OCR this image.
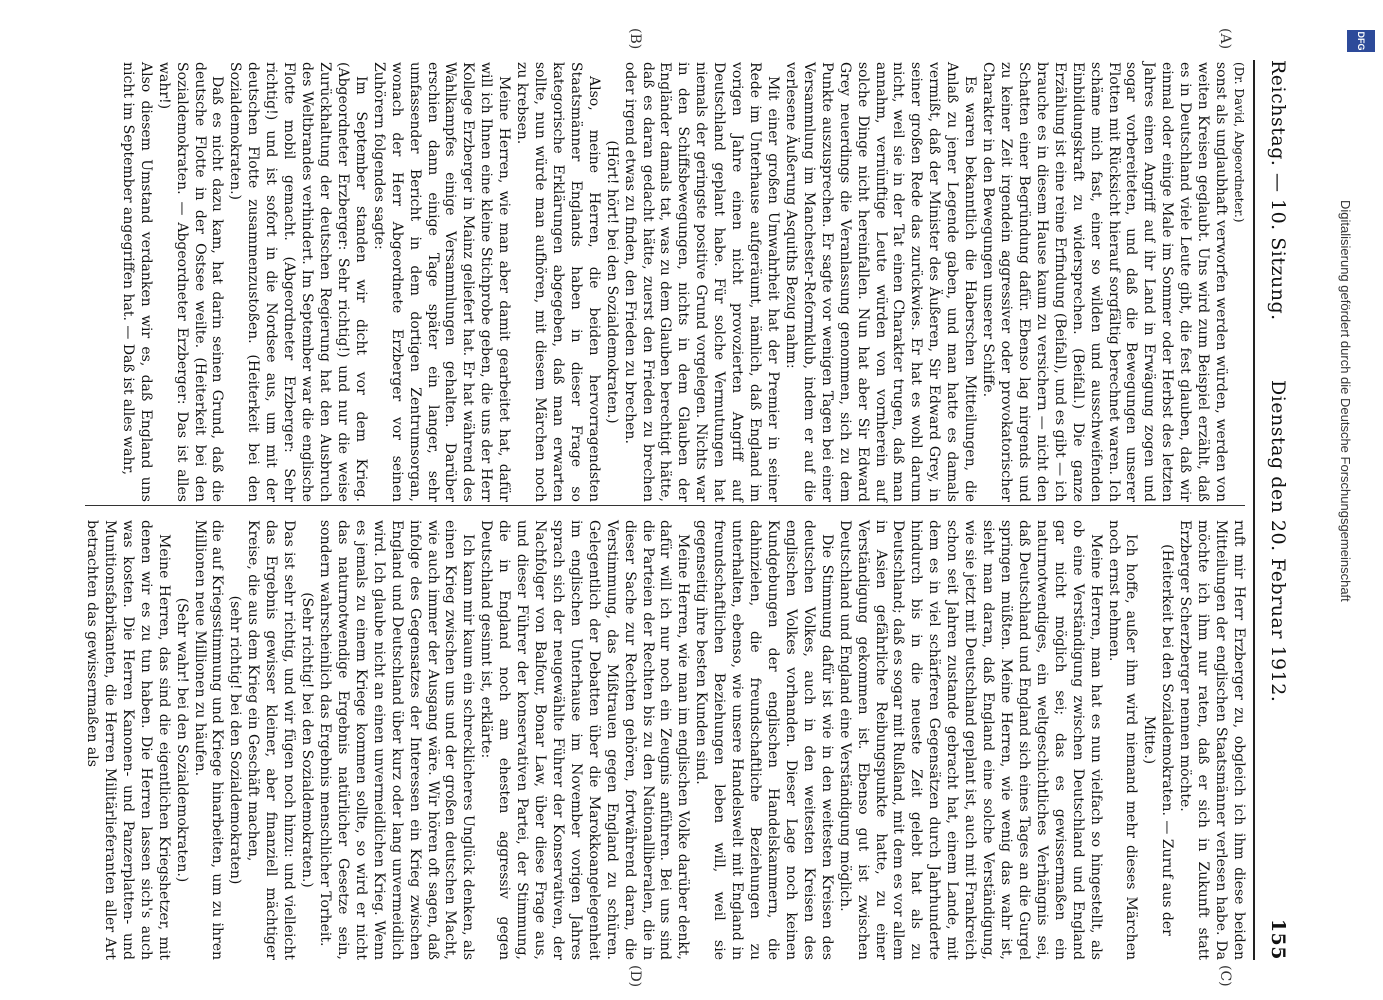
Reichstag. — 10. Sitzung.
Dienstag den 20. Februar 1912.
155
(A)
(B)
(C)
(D)

(Dr. David, Abgeordneter.)

sonst als unglaubhaft verworfen werden würden, werden von weiten Kreisen geglaubt. Uns wird zum Beispiel erzählt, daß es in Deutschland viele Leute gibt, die fest glauben, daß wir einmal oder einige Male im Sommer oder Herbst des letzten Jahres einen Angriff auf ihr Land in Erwägung zogen und sogar vorbereiteten, und daß die Bewegungen unserer Flotten mit Rücksicht hierauf sorgfältig berechnet waren. Ich schäme mich fast, einer so wilden und ausschweifenden Einbildungskraft zu widersprechen. (Beifall.) Die ganze Erzählung ist eine reine Erfindung (Beifall), und es gibt — ich brauche es in diesem Hause kaum zu versichern — nicht den Schatten einer Begründung dafür. Ebenso lag nirgends und zu keiner Zeit irgendein aggressiver oder provokatorischer Charakter in den Bewegungen unserer Schiffe.

Es waren bekanntlich die Haberschen Mitteilungen, die Anlaß zu jener Legende gaben, und man hatte es damals vermißt, daß der Minister des Äußeren, Sir Edward Grey, in seiner großen Rede das zurückwies. Er hat es wohl darum nicht, weil sie in der Tat einen Charakter trugen, daß man annahm, vernünftige Leute würden von vornherein auf solche Dinge nicht hereinfallen. Nun hat aber Sir Edward Grey neuerdings die Veranlassung genommen, sich zu dem Punkte auszusprechen. Er sagte vor wenigen Tagen bei einer Versammlung im Manchester-Reformklub, indem er auf die verlesene Äußerung Asquiths Bezug nahm:

Mit einer großen Umwahrheit hat der Premier in seiner Rede im Unterhause aufgeräumt, nämlich, daß England im vorigen Jahre einen nicht provozierten Angriff auf Deutschland geplant habe. Für solche Vermutungen hat niemals der geringste positive Grund vorgelegen. Nichts war in den Schiffsbewegungen, nichts in dem Glauben der Engländer damals tat, was zu dem Glauben berechtigt hätte, daß es daran gedacht hätte, zuerst den Frieden zu brechen oder irgend etwas zu finden, den Frieden zu brechen.

(Hört! hört! bei den Sozialdemokraten.)

Also, meine Herren, die beiden hervorragendsten Staatsmänner Englands haben in dieser Frage so kategorische Erklärungen abgegeben, daß man erwarten sollte, nun würde man aufhören, mit diesem Märchen noch zu krebsen.

Meine Herren, wie man aber damit gearbeitet hat, dafür will ich Ihnen eine kleine Stichprobe geben, die uns der Herr Kollege Erzberger in Mainz geliefert hat. Er hat während des Wahlkampfes einige Versammlungen gehalten. Darüber erschien dann einige Tage später ein langer, sehr umfassender Bericht in dem dortigen Zentrumsorgan, wonach der Herr Abgeordnete Erzberger vor seinen Zuhörern folgendes sagte:

Im September standen wir dicht vor dem Krieg. (Abgeordneter Erzberger: Sehr richtig!) und nur die weise Zurückhaltung der deutschen Regierung hat den Ausbruch des Weltbrandes verhindert. Im September war die englische Flotte mobil gemacht. (Abgeordneter Erzberger: Sehr richtig!) und ist sofort in die Nordsee aus, um mit der deutschen Flotte zusammenzustoßen. (Heiterkeit bei den Sozialdemokraten.)

Daß es nicht dazu kam, hat darin seinen Grund, daß die deutsche Flotte in der Ostsee weilte. (Heiterkeit bei den Sozialdemokraten. — Abgeordneter Erzberger: Das ist alles wahr!)

Also diesem Umstand verdanken wir es, daß England uns nicht im September angegriffen hat. — Daß ist alles wahr,

ruft mir Herr Erzberger zu, obgleich ich ihm diese beiden Mitteilungen der englischen Staatsmänner verlesen habe. Da möchte ich ihm nur raten, daß er sich in Zukunft statt Erzberger Scherzberger nennen möchte.

(Heiterkeit bei den Sozialdemokraten. — Zuruf aus der Mitte.)

Ich hoffe, außer ihm wird niemand mehr dieses Märchen noch ernst nehmen.

Meine Herren, man hat es nun vielfach so hingestellt, als ob eine Verständigung zwischen Deutschland und England gar nicht möglich sei; das es gewissermaßen ein naturnotwendiges, ein weltgeschichtliches Verhängnis sei, daß Deutschland und England sich eines Tages an die Gurgel springen müßten. Meine Herren, wie wenig das wahr ist, sieht man daran, daß England eine solche Verständigung, wie sie jetzt mit Deutschland geplant ist, auch mit Frankreich schon seit Jahren zustande gebracht hat, einem Lande, mit dem es in viel schärferen Gegensätzen durch Jahrhunderte hindurch bis in die neueste Zeit gelebt hat als zu Deutschland; daß es sogar mit Rußland, mit dem es vor allem in Asien gefährliche Reibungspunkte hatte, zu einer Verständigung gekommen ist. Ebenso gut ist zwischen Deutschland und England eine Verständigung möglich.

Die Stimmung dafür ist wie in den weitesten Kreisen des deutschen Volkes, auch in den weitesten Kreisen des englischen Volkes vorhanden. Dieser Lage noch keinen Kundgebungen der englischen Handelskammern, die dahinzielen, die freundschaftliche Beziehungen zu unterhalten, ebenso, wie unsere Handelswelt mit England in freundschaftlichen Beziehungen leben will, weil sie gegenseitig ihre besten Kunden sind.

Meine Herren, wie man im englischen Volke darüber denkt, dafür will ich nur noch ein Zeugnis anführen. Bei uns sind die Parteien der Rechten bis zu den Nationalliberalen, die in dieser Sache zur Rechten gehören, fortwährend daran, die Verstimmung, das Mißtrauen gegen England zu schüren. Gelegentlich der Debatten über die Marokkoangelegenheit im englischen Unterhause im November vorigen Jahres sprach sich der neugewählte Führer der Konservativen, der Nachfolger von Balfour, Bonar Law, über diese Frage aus, und dieser Führer der konservativen Partei, der Stimmung, die in England noch am ehesten aggressiv gegen Deutschland gesinnt ist, erklärte:

Ich kann mir kaum ein schrecklicheres Unglück denken, als einen Krieg zwischen uns und der großen deutschen Macht, wie auch immer der Ausgang wäre. Wir hören oft sagen, daß infolge des Gegensatzes der Interessen ein Krieg zwischen England und Deutschland über kurz oder lang unvermeidlich wird. Ich glaube nicht an einen unvermeidlichen Krieg. Wenn es jemals zu einem Kriege kommen sollte, so wird er nicht das naturnotwendige Ergebnis natürlicher Gesetze sein, sondern wahrscheinlich das Ergebnis menschlicher Torheit.

(Sehr richtig! bei den Sozialdemokraten.)

Das ist sehr richtig, und wir fügen noch hinzu: und vielleicht das Ergebnis gewisser kleiner, aber finanziell mächtiger Kreise, die aus dem Krieg ein Geschäft machen,

(sehr richtig! bei den Sozialdemokraten)

die auf Kriegsstimmung und Kriege hinarbeiten, um zu ihren Millionen neue Millionen zu häufen.

(Sehr wahr! bei den Sozialdemokraten.)

Meine Herren, das sind die eigentlichen Kriegshetzer, mit denen wir es zu tun haben. Die Herren lassen sich's auch was kosten. Die Herren Kanonen- und Panzerplatten- und Munitionsfabrikanten, die Herren Militärlieferanten aller Art betrachten das gewissermaßen als

DFG
Digitalisierung gefördert durch die Deutsche Forschungsgemeinschaft
